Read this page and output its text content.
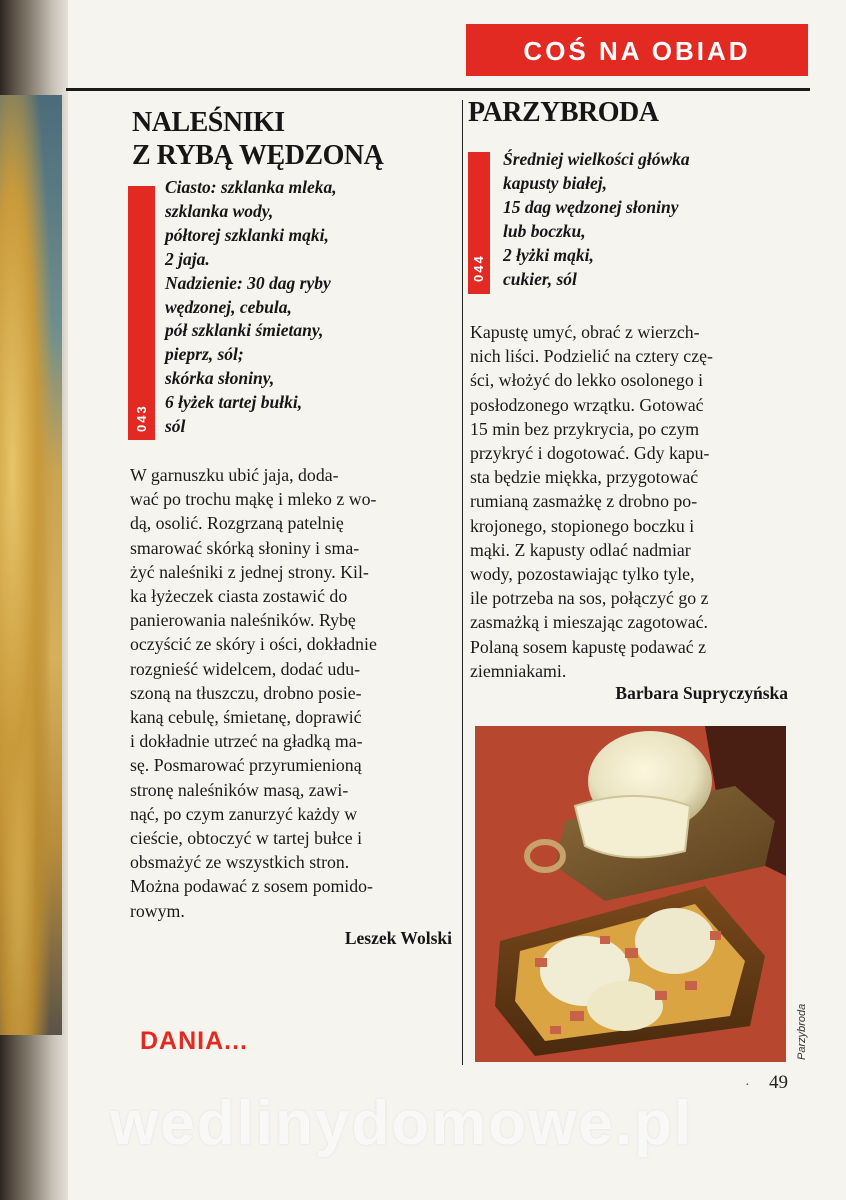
COŚ NA OBIAD
NALEŚNIKI
Z RYBĄ WĘDZONĄ
043
Ciasto: szklanka mleka,
szklanka wody,
półtorej szklanki mąki,
2 jaja.
Nadzienie: 30 dag ryby
wędzonej, cebula,
pół szklanki śmietany,
pieprz, sól;
skórka słoniny,
6 łyżek tartej bułki,
sól
W garnuszku ubić jaja, doda-
wać po trochu mąkę i mleko z wo-
dą, osolić. Rozgrzaną patelnię
smarować skórką słoniny i sma-
żyć naleśniki z jednej strony. Kil-
ka łyżeczek ciasta zostawić do
panierowania naleśników. Rybę
oczyścić ze skóry i ości, dokładnie
rozgnieść widelcem, dodać udu-
szoną na tłuszczu, drobno posie-
kaną cebulę, śmietanę, doprawić
i dokładnie utrzeć na gładką ma-
sę. Posmarować przyrumienioną
stronę naleśników masą, zawi-
nąć, po czym zanurzyć każdy w
cieście, obtoczyć w tartej bułce i
obsmażyć ze wszystkich stron.
Można podawać z sosem pomido-
rowym.
Leszek Wolski
PARZYBRODA
044
Średniej wielkości główka
kapusty białej,
15 dag wędzonej słoniny
lub boczku,
2 łyżki mąki,
cukier, sól
Kapustę umyć, obrać z wierzch-
nich liści. Podzielić na cztery czę-
ści, włożyć do lekko osolonego i
posłodzonego wrzątku. Gotować
15 min bez przykrycia, po czym
przykryć i dogotować. Gdy kapu-
sta będzie miękka, przygotować
rumianą zasmażkę z drobno po-
krojonego, stopionego boczku i
mąki. Z kapusty odlać nadmiar
wody, pozostawiając tylko tyle,
ile potrzeba na sos, połączyć go z
zasmażką i mieszając zagotować.
Polaną sosem kapustę podawać z
ziemniakami.
Barbara Supryczyńska
Parzybroda
DANIA...
· 49
wedlinydomowe.pl
